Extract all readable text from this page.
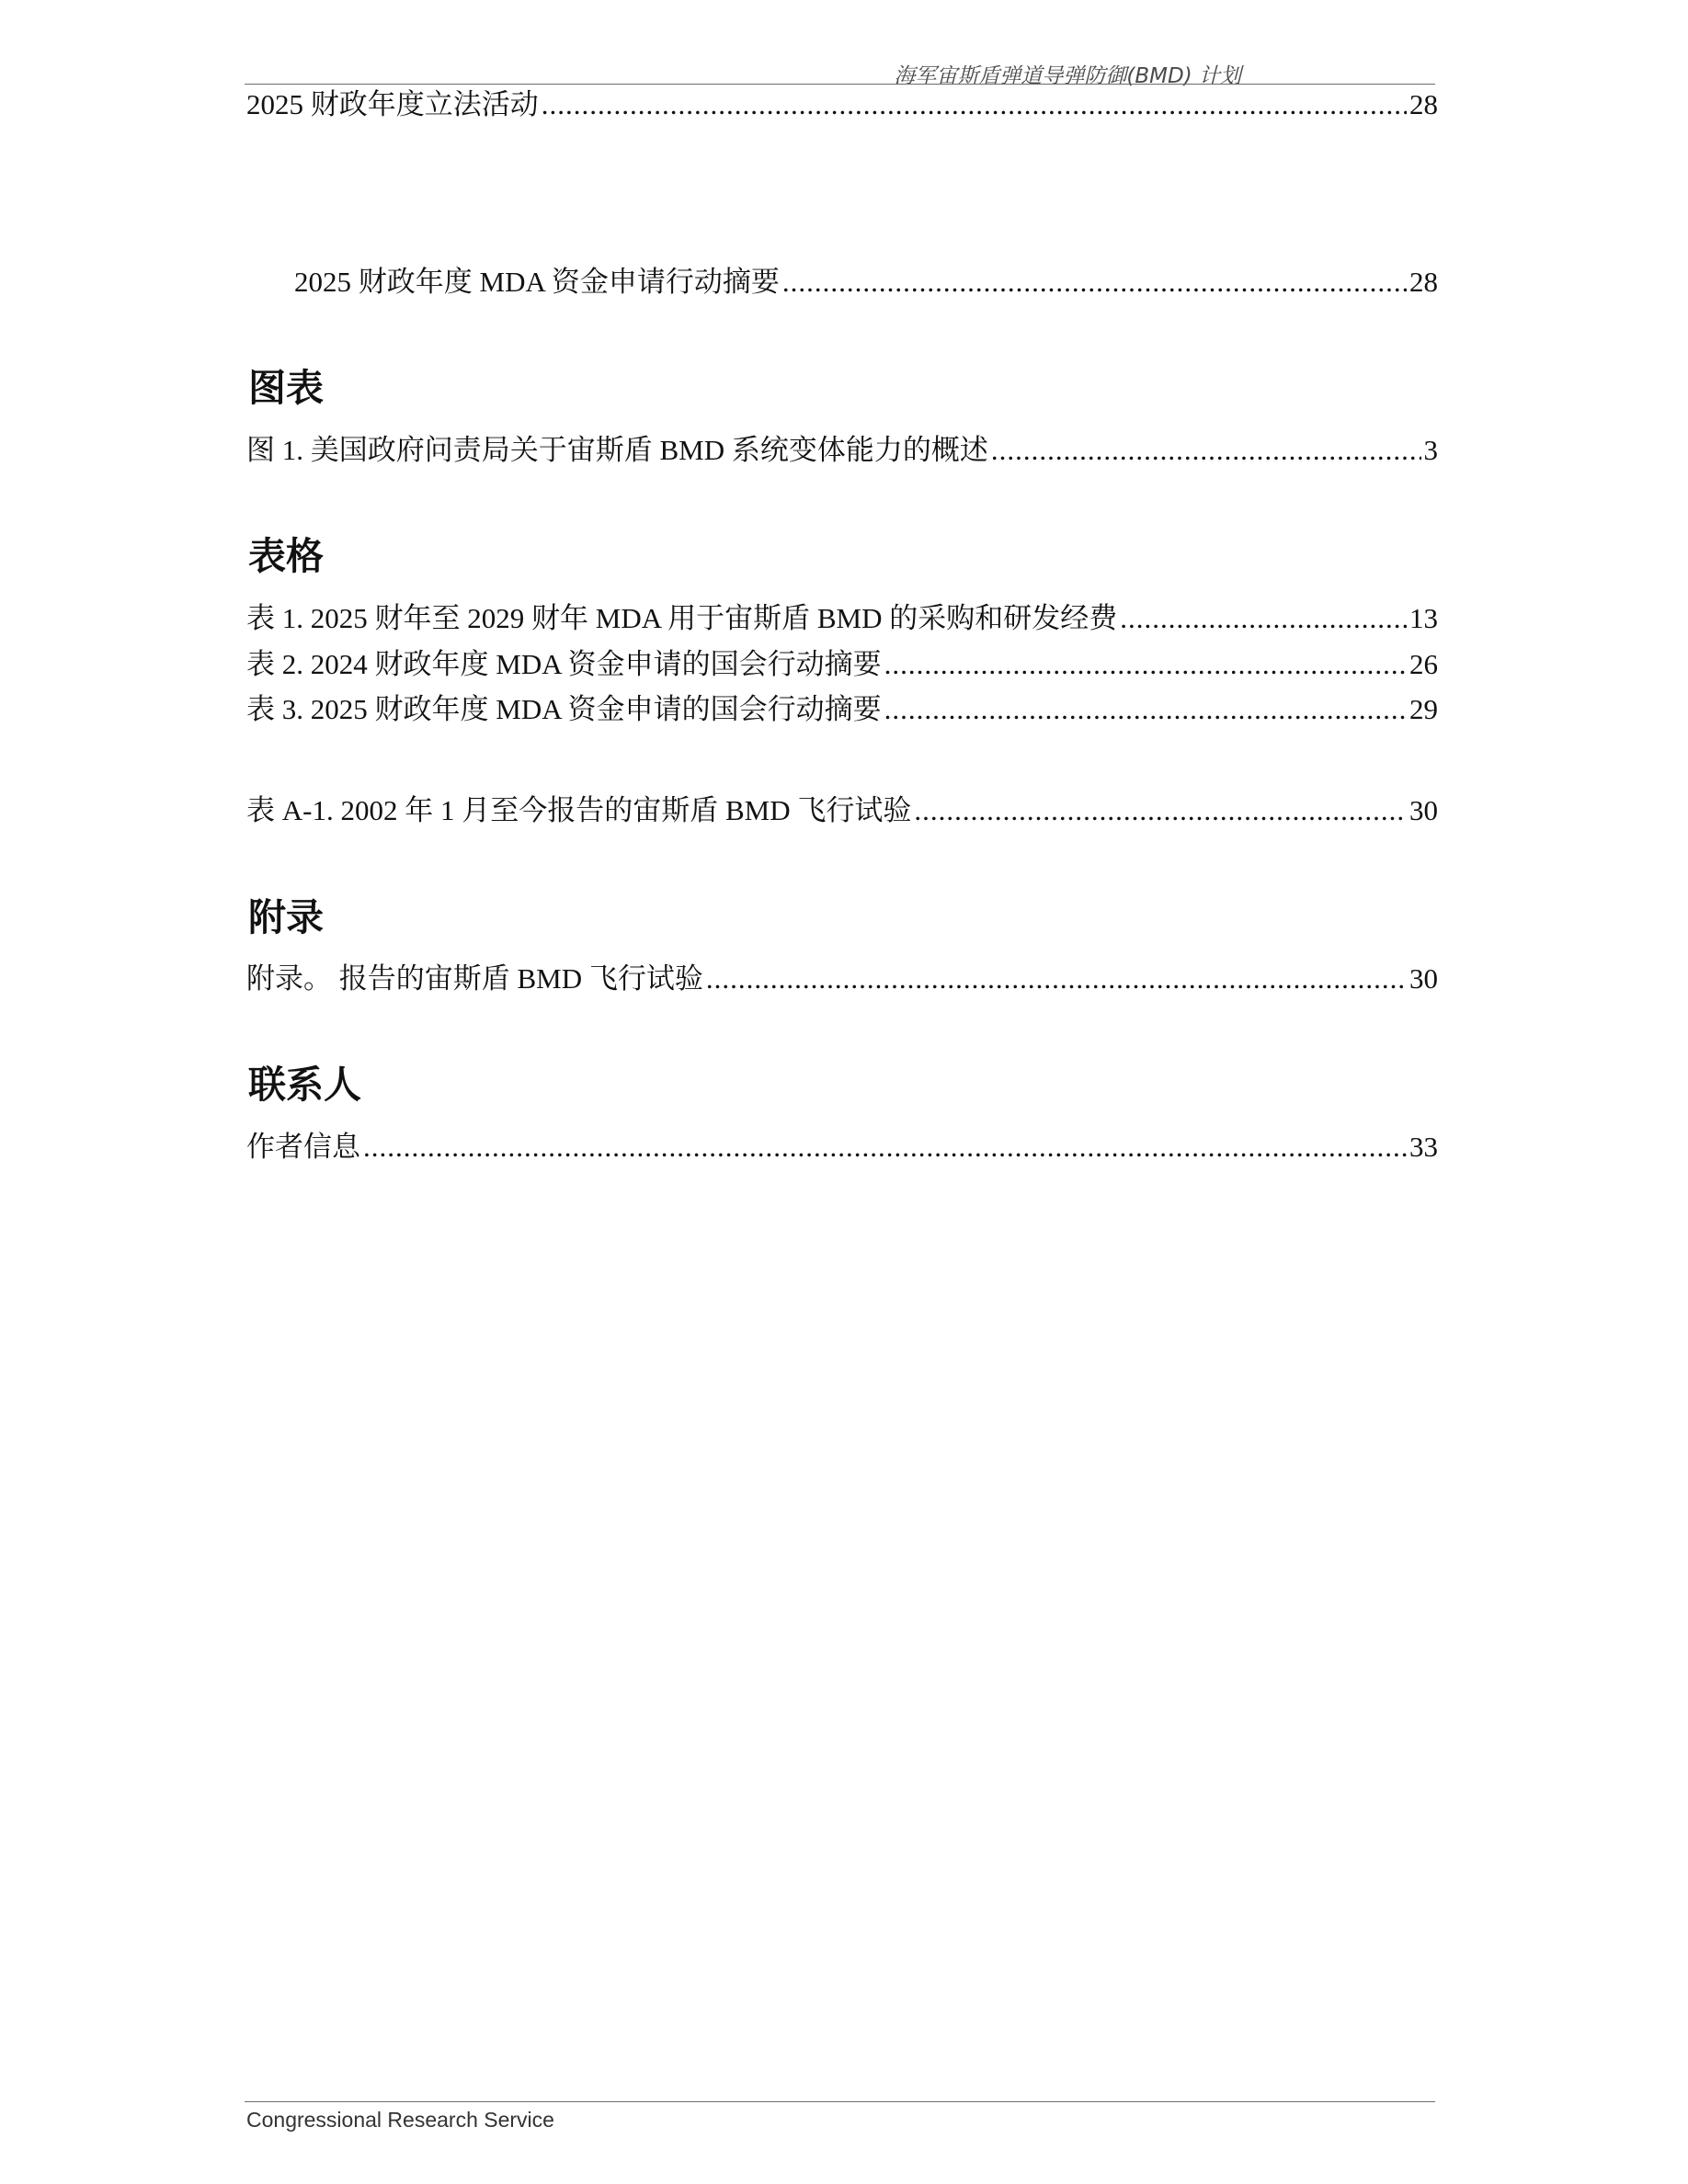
海军宙斯盾弹道导弹防御(BMD) 计划
2025 财政年度立法活动 .....	28
2025 财政年度 MDA 资金申请行动摘要 .....	28
图表
图 1. 美国政府问责局关于宙斯盾 BMD 系统变体能力的概述 .....	3
表格
表 1. 2025 财年至 2029 财年 MDA 用于宙斯盾 BMD 的采购和研发经费 .....	13
表 2. 2024 财政年度 MDA 资金申请的国会行动摘要 .....	26
表 3. 2025 财政年度 MDA 资金申请的国会行动摘要 .....	29
表 A-1. 2002 年 1 月至今报告的宙斯盾 BMD 飞行试验 .....	30
附录
附录。 报告的宙斯盾 BMD 飞行试验 .....	30
联系人
作者信息 .....	33
Congressional Research Service
